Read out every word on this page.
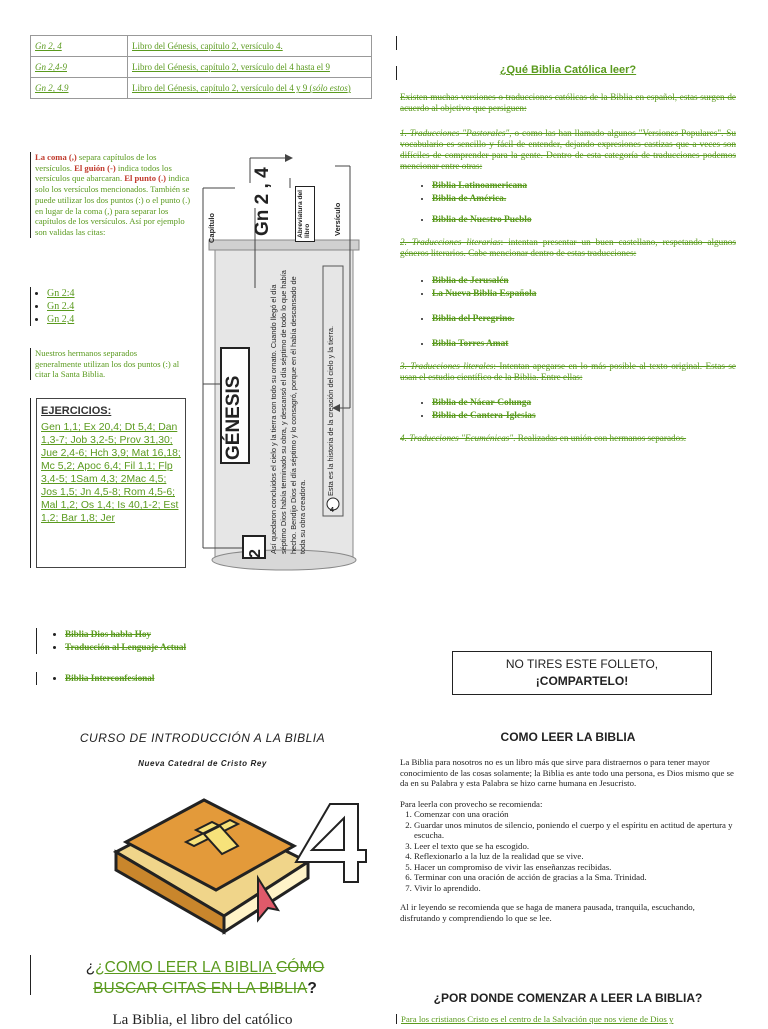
Gn 2, 4	Libro del Génesis, capítulo 2, versículo 4.
Gn 2,4-9	Libro del Génesis, capítulo 2, versículo del 4 hasta el 9
Gn 2, 4.9	Libro del Génesis, capítulo 2, versículo del 4 y 9 (sólo estos)
La coma (,) separa capítulos de los versículos. El guión (-) indica todos los versículos que abarcaran. El punto (.) indica solo los versículos mencionados. También se puede utilizar los dos puntos (:) o el punto (.) en lugar de la coma (,) para separar los capítulos de los versículos. Así por ejemplo son validas las citas:
• Gn 2:4
• Gn 2.4
• Gn 2,4
Nuestros hermanos separados generalmente utilizan los dos puntos (:) al citar la Santa Biblia.
EJERCICIOS:
Gen 1,1; Ex 20,4; Dt 5,4; Dan 1,3-7; Job 3,2-5; Prov 31,30; Jue 2,4-6; Hch 3,9; Mat 16,18; Mc 5,2; Apoc 6,4; Fil 1,1; Flp 3,4-5; 1Sam 4,3; 2Mac 4,5; Jos 1,5; Jn 4,5-8; Rom 4,5-6; Mal 1,2; Os 1,4; Is 40,1-2; Est 1,2; Bar 1,8; Jer
Gn 2 , 4
Capítulo	Abreviatura del libro	Versículo
GÉNESIS
2 Así quedaron concluidos el cielo y la tierra con todo su ornato. Cuando llegó el día séptimo Dios había terminado su obra, y descansó el día séptimo de todo lo que había hecho. Bendijo Dios el día séptimo y lo consagró, porque en él había descansado de toda su obra creadora.	4
Esta es la historia de la creación del cielo y la tierra.
¿Qué Biblia Católica leer?

Existen muchas versiones o traducciones católicas de la Biblia en español, estas surgen de acuerdo al objetivo que persiguen:

1. Traducciones "Pastorales", o como las han llamado algunos "Versiones Populares". Su vocabulario es sencillo y fácil de entender, dejando expresiones castizas que a veces son difíciles de comprender para la gente. Dentro de esta categoría de traducciones podemos mencionar entre otras:

• Biblia Latinoamericana
• Biblia de América.
• Biblia de Nuestro Pueblo

2. Traducciones literarias: intentan presentar un buen castellano, respetando algunos géneros literarios. Cabe mencionar dentro de estas traducciones:

• Biblia de Jerusalén
• La Nueva Biblia Española
• Biblia del Peregrino.
• Biblia Torres Amat

3. Traducciones literales: Intentan apegarse en lo más posible al texto original. Estas se usan el estudio científico de la Biblia. Entre ellas:

• Biblia de Nácar-Colunga
• Biblia de Cantera-Iglesias

4. Traducciones "Ecuménicas". Realizadas en unión con hermanos separados.

• Biblia Dios habla Hoy
• Traducción al Lenguaje Actual
• Biblia Interconfesional
NO TIRES ESTE FOLLETO,
¡COMPARTELO!
CURSO DE INTRODUCCIÓN A LA BIBLIA
Nueva Catedral de Cristo Rey
¿¿COMO LEER LA BIBLIA CÓMO
BUSCAR CITAS EN LA BIBLIA?
La Biblia, el libro del católico
COMO LEER LA BIBLIA
La Biblia para nosotros no es un libro más que sirve para distraernos o para tener mayor conocimiento de las cosas solamente; la Biblia es ante todo una persona, es Dios mismo que se da en su Palabra y esta Palabra se hizo carne humana en Jesucristo.
Para leerla con provecho se recomienda:
1. Comenzar con una oración
2. Guardar unos minutos de silencio, poniendo el cuerpo y el espíritu en actitud de apertura y escucha.
3. Leer el texto que se ha escogido.
4. Reflexionarlo a la luz de la realidad que se vive.
5. Hacer un compromiso de vivir las enseñanzas recibidas.
6. Terminar con una oración de acción de gracias a la Sma. Trinidad.
7. Vivir lo aprendido.
Al ir leyendo se recomienda que se haga de manera pausada, tranquila, escuchando, disfrutando y comprendiendo lo que se lee.
¿POR DONDE COMENZAR A LEER LA BIBLIA?
Para los cristianos Cristo es el centro de la Salvación que nos viene de Dios y
